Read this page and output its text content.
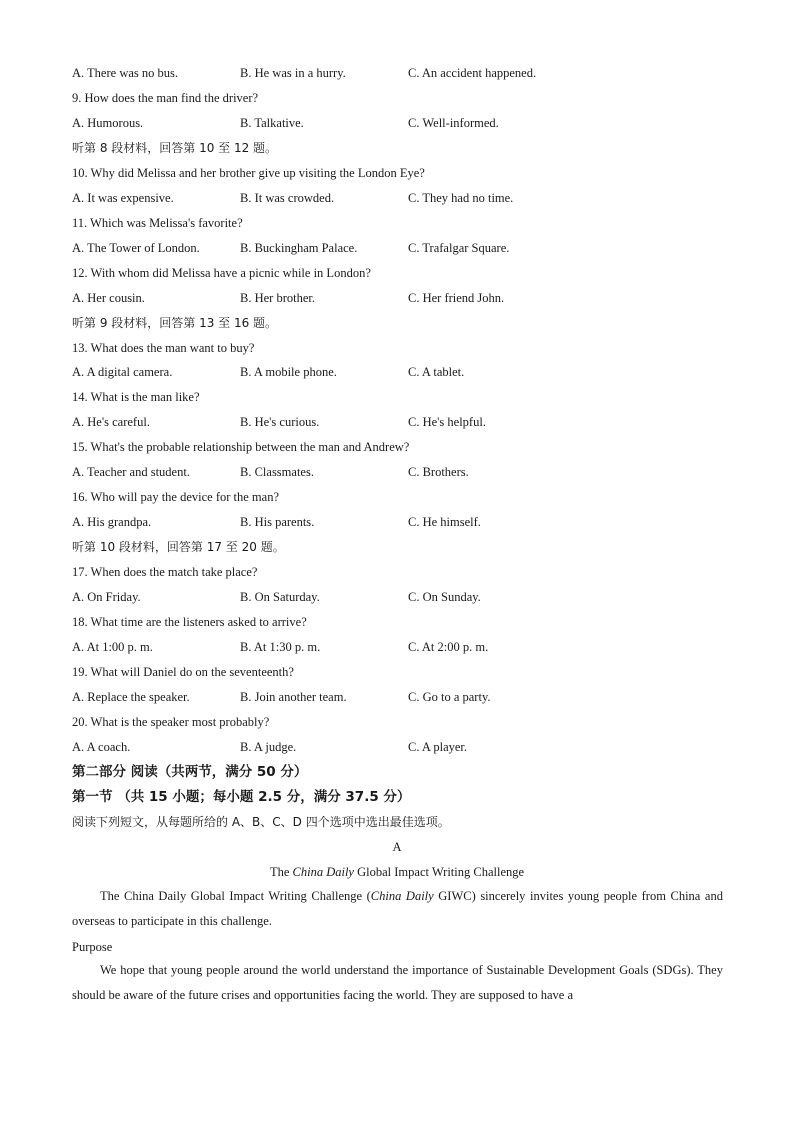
A. There was no bus.	B. He was in a hurry.	C. An accident happened.
9. How does the man find the driver?
A. Humorous.	B. Talkative.	C. Well-informed.
听第 8 段材料，回答第 10 至 12 题。
10. Why did Melissa and her brother give up visiting the London Eye?
A. It was expensive.	B. It was crowded.	C. They had no time.
11. Which was Melissa's favorite?
A. The Tower of London.	B. Buckingham Palace.	C. Trafalgar Square.
12. With whom did Melissa have a picnic while in London?
A. Her cousin.	B. Her brother.	C. Her friend John.
听第 9 段材料，回答第 13 至 16 题。
13. What does the man want to buy?
A. A digital camera.	B. A mobile phone.	C. A tablet.
14. What is the man like?
A. He's careful.	B. He's curious.	C. He's helpful.
15. What's the probable relationship between the man and Andrew?
A. Teacher and student.	B. Classmates.	C. Brothers.
16. Who will pay the device for the man?
A. His grandpa.	B. His parents.	C. He himself.
听第 10 段材料，回答第 17 至 20 题。
17. When does the match take place?
A. On Friday.	B. On Saturday.	C. On Sunday.
18. What time are the listeners asked to arrive?
A. At 1:00 p. m.	B. At 1:30 p. m.	C. At 2:00 p. m.
19. What will Daniel do on the seventeenth?
A. Replace the speaker.	B. Join another team.	C. Go to a party.
20. What is the speaker most probably?
A. A coach.	B. A judge.	C. A player.
第二部分 阅读（共两节，满分 50 分）
第一节 （共 15 小题；每小题 2.5 分，满分 37.5 分）
阅读下列短文，从每题所给的 A、B、C、D 四个选项中选出最佳选项。
A
The China Daily Global Impact Writing Challenge
The China Daily Global Impact Writing Challenge (China Daily GIWC) sincerely invites young people from China and overseas to participate in this challenge.
Purpose
We hope that young people around the world understand the importance of Sustainable Development Goals (SDGs). They should be aware of the future crises and opportunities facing the world. They are supposed to have a
